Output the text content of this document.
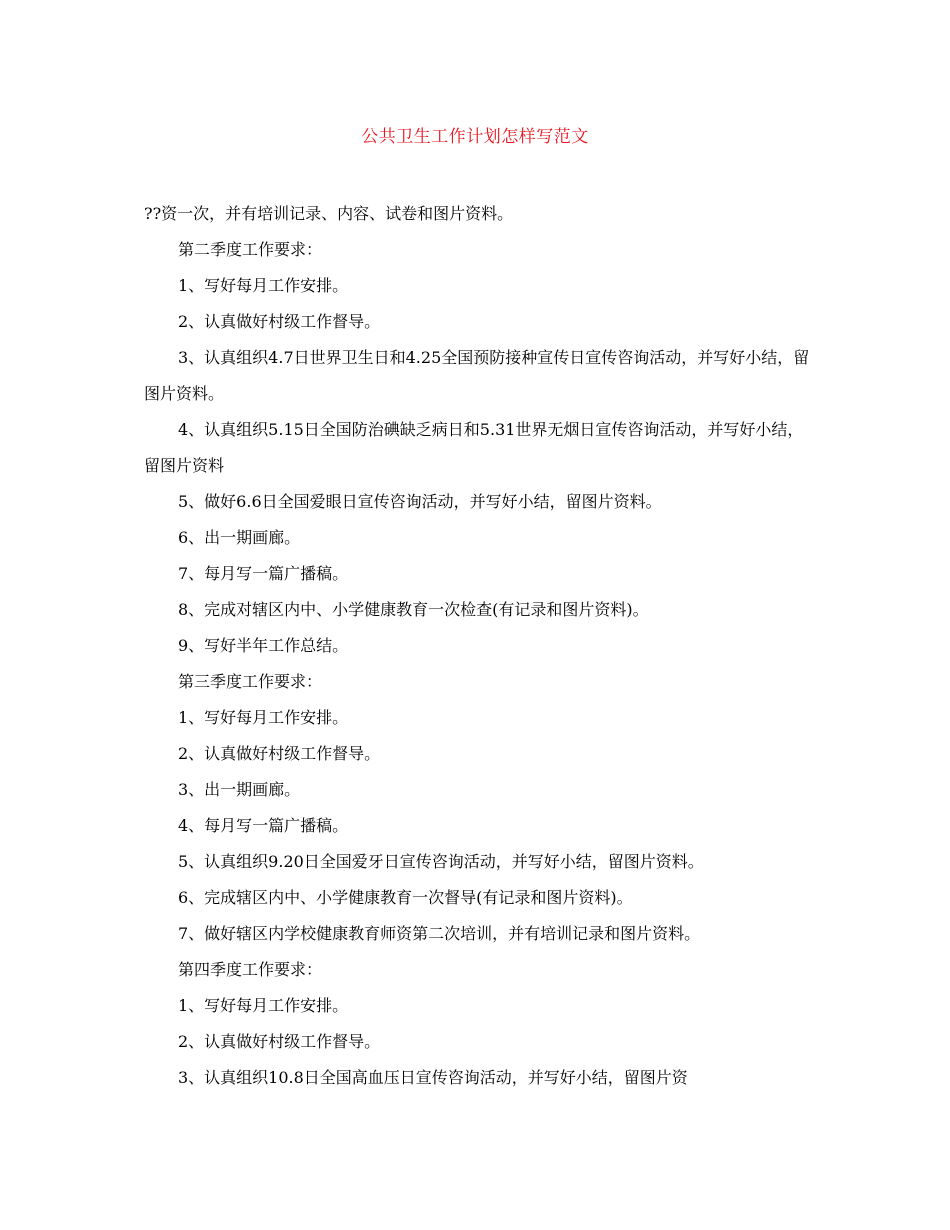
公共卫生工作计划怎样写范文

??资一次，并有培训记录、内容、试卷和图片资料。

第二季度工作要求：

1、写好每月工作安排。

2、认真做好村级工作督导。

3、认真组织4.7日世界卫生日和4.25全国预防接种宣传日宣传咨询活动，并写好小结，留图片资料。

4、认真组织5.15日全国防治碘缺乏病日和5.31世界无烟日宣传咨询活动，并写好小结，留图片资料

5、做好6.6日全国爱眼日宣传咨询活动，并写好小结，留图片资料。

6、出一期画廊。

7、每月写一篇广播稿。

8、完成对辖区内中、小学健康教育一次检查(有记录和图片资料)。

9、写好半年工作总结。

第三季度工作要求：

1、写好每月工作安排。

2、认真做好村级工作督导。

3、出一期画廊。

4、每月写一篇广播稿。

5、认真组织9.20日全国爱牙日宣传咨询活动，并写好小结，留图片资料。

6、完成辖区内中、小学健康教育一次督导(有记录和图片资料)。

7、做好辖区内学校健康教育师资第二次培训，并有培训记录和图片资料。

第四季度工作要求：

1、写好每月工作安排。

2、认真做好村级工作督导。

3、认真组织10.8日全国高血压日宣传咨询活动，并写好小结，留图片资
